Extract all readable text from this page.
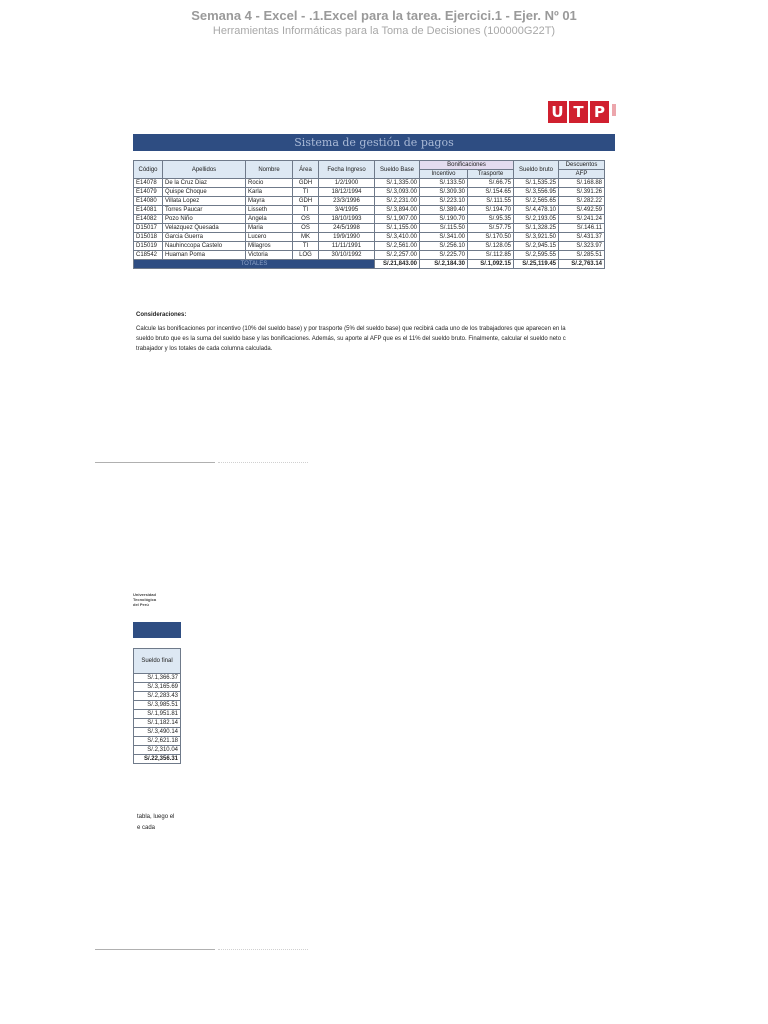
Semana 4 - Excel - .1.Excel para la tarea. Ejercici.1 - Ejer. Nº 01
Herramientas Informáticas para la Toma de Decisiones (100000G22T)
U T P
Sistema de gestión de pagos
Código	Apellidos	Nombre	Área	Fecha Ingreso	Sueldo Base	Bonificaciones		Sueldo bruto	Descuentos
						Incentivo	Trasporte		AFP
E14078	De la Cruz Diaz	Rocio	GDH	1/2/1900	S/.1,335.00	S/.133.50	S/.66.75	S/.1,535.25	S/.168.88
E14079	Quispe Choque	Karla	TI	18/12/1994	S/.3,093.00	S/.309.30	S/.154.65	S/.3,556.95	S/.391.26
E14080	Villata Lopez	Mayra	GDH	23/3/1996	S/.2,231.00	S/.223.10	S/.111.55	S/.2,565.65	S/.282.22
E14081	Torres Paucar	Lisseth	TI	3/4/1995	S/.3,894.00	S/.389.40	S/.194.70	S/.4,478.10	S/.492.59
E14082	Pozo Niño	Angela	OS	18/10/1993	S/.1,907.00	S/.190.70	S/.95.35	S/.2,193.05	S/.241.24
D15017	Velazquez Quesada	Maria	OS	24/5/1998	S/.1,155.00	S/.115.50	S/.57.75	S/.1,328.25	S/.146.11
D15018	Garcia Guerra	Lucero	MK	19/9/1990	S/.3,410.00	S/.341.00	S/.170.50	S/.3,921.50	S/.431.37
D15019	Nauhinccopa Castelo	Milagros	TI	11/11/1991	S/.2,561.00	S/.256.10	S/.128.05	S/.2,945.15	S/.323.97
C18542	Huaman Poma	Victoria	LOG	30/10/1992	S/.2,257.00	S/.225.70	S/.112.85	S/.2,595.55	S/.285.51
TOTALES					S/.21,843.00	S/.2,184.30	S/.1,092.15	S/.25,119.45	S/.2,763.14
Consideraciones:
Calcule las bonificaciones por incentivo (10% del sueldo base) y por trasporte (5% del sueldo base) que recibirá cada uno de los trabajadores que aparecen en la
sueldo bruto que es la suma del sueldo base y las bonificaciones. Además, su aporte al AFP que es el 11% del sueldo bruto. Finalmente, calcular el sueldo neto c
trabajador y los totales de cada columna calculada.
Universidad
Tecnológica
del Perú
Sueldo final
S/.1,366.37
S/.3,165.69
S/.2,283.43
S/.3,985.51
S/.1,951.81
S/.1,182.14
S/.3,490.14
S/.2,621.18
S/.2,310.04
S/.22,356.31
tabla, luego el
e cada
